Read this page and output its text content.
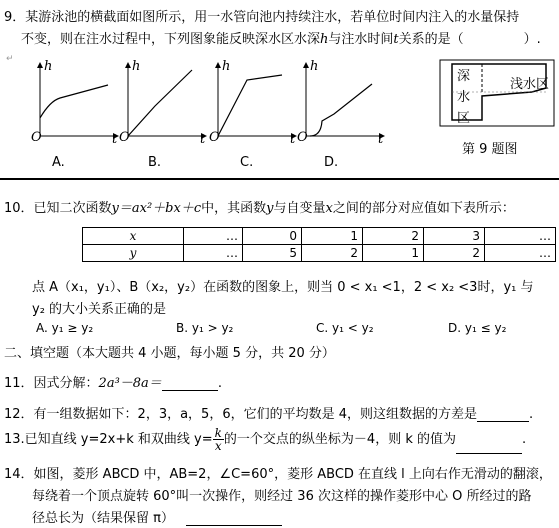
9．某游泳池的横截面如图所示，用一水管向池内持续注水，若单位时间内注入的水量保持
不变，则在注水过程中，下列图象能反映深水区水深h与注水时间t关系的是（	）.
↵ h
t
O
A.
h
t
O
B.
h
t
O
C.
h
t
O
D.
深
水
区
浅水区
第 9 题图
10．已知二次函数y＝ax²＋bx＋c中，其函数y与自变量x之间的部分对应值如下表所示：
x	…	0	1	2	3	…
y	…	5	2	1	2	…
点 A（x₁，y₁）、B（x₂，y₂）在函数的图象上，则当 0 < x₁ <1，2 < x₂ <3时，y₁ 与
y₂ 的大小关系正确的是
A. y₁ ≥ y₂	B. y₁ > y₂	C. y₁ < y₂	D. y₁ ≤ y₂
二、填空题（本大题共 4 小题，每小题 5 分，共 20 分）
11．因式分解：2a³－8a＝	.
12．有一组数据如下：2，3，a，5，6，它们的平均数是 4，则这组数据的方差是	.
13.已知直线 y=2x+k 和双曲线 $y= \frac{k}{x}$ 的一个交点的纵坐标为－4，则 k 的值为	.
14．如图，菱形 ABCD 中，AB=2，∠C=60°，菱形 ABCD 在直线 l 上向右作无滑动的翻滚，
每绕着一个顶点旋转 60°叫一次操作，则经过 36 次这样的操作菱形中心 O 所经过的路
径总长为（结果保留 π）
